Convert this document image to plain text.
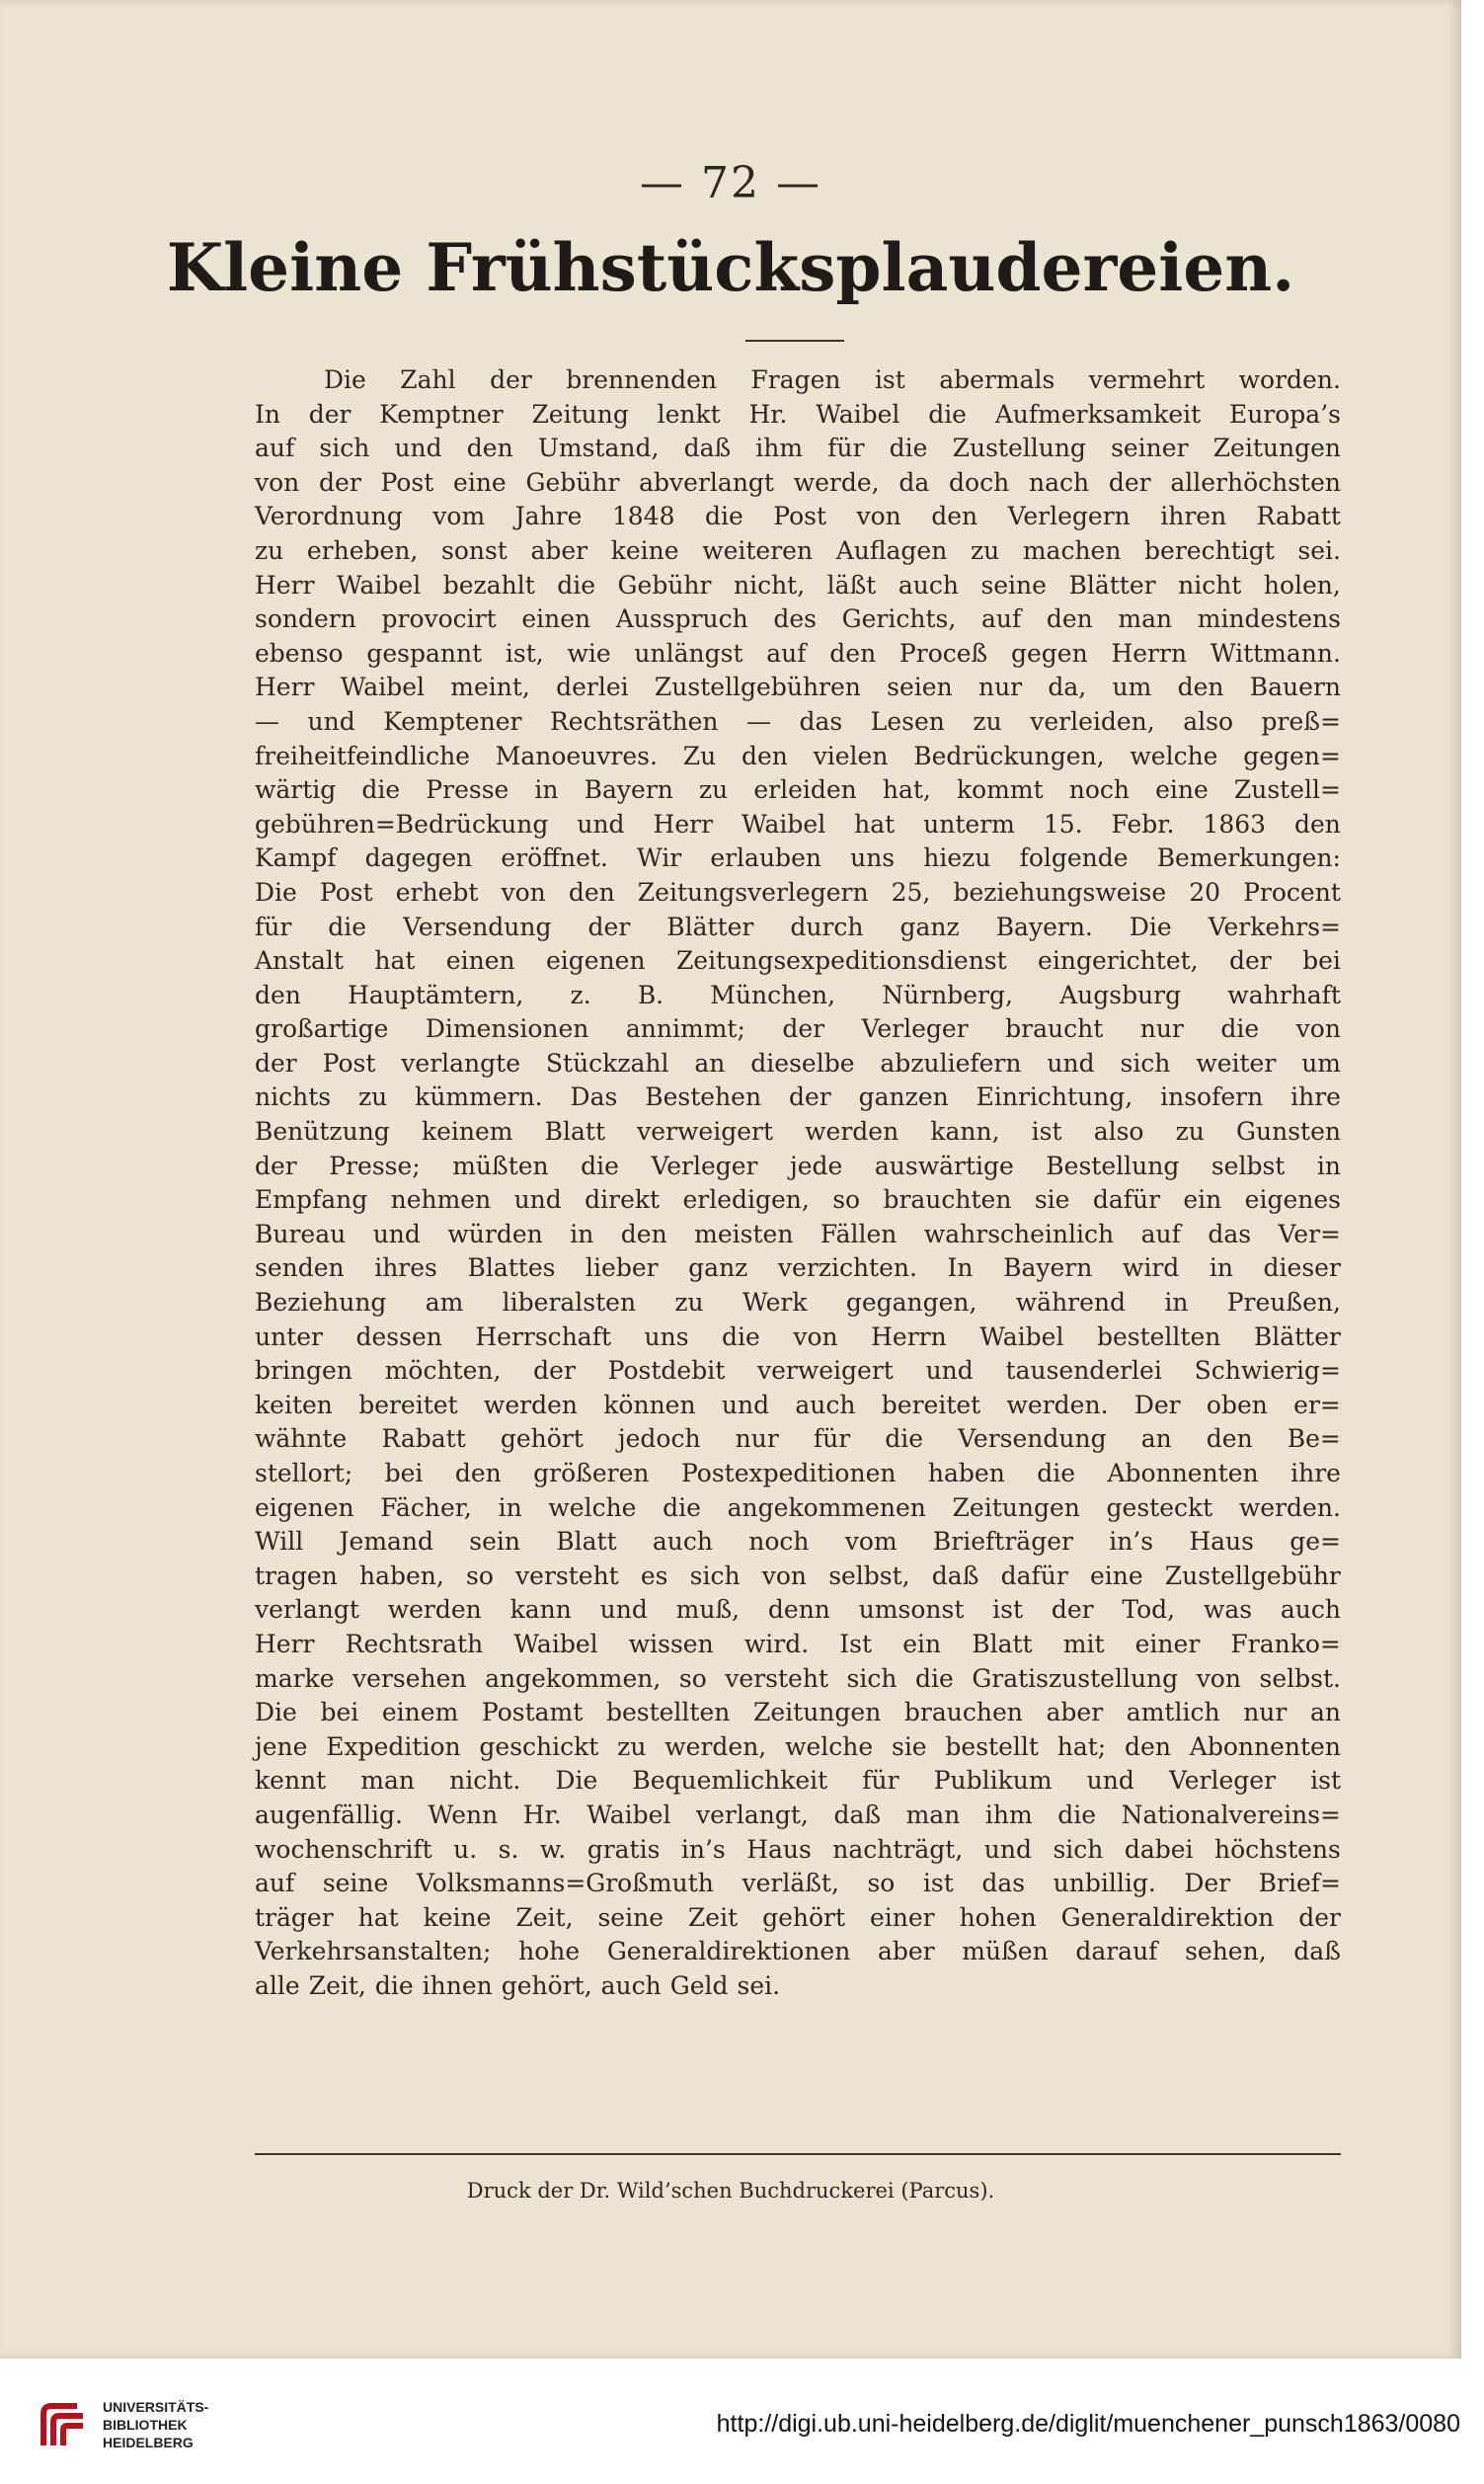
— 72 —
Kleine Frühstücksplaudereien.
Die Zahl der brennenden Fragen ist abermals vermehrt worden.
In der Kemptner Zeitung lenkt Hr. Waibel die Aufmerksamkeit Europa’s
auf sich und den Umstand, daß ihm für die Zustellung seiner Zeitungen
von der Post eine Gebühr abverlangt werde, da doch nach der allerhöchsten
Verordnung vom Jahre 1848 die Post von den Verlegern ihren Rabatt
zu erheben, sonst aber keine weiteren Auflagen zu machen berechtigt sei.
Herr Waibel bezahlt die Gebühr nicht, läßt auch seine Blätter nicht holen,
sondern provocirt einen Ausspruch des Gerichts, auf den man mindestens
ebenso gespannt ist, wie unlängst auf den Proceß gegen Herrn Wittmann.
Herr Waibel meint, derlei Zustellgebühren seien nur da, um den Bauern
— und Kemptener Rechtsräthen — das Lesen zu verleiden, also preß=
freiheitfeindliche Manoeuvres. Zu den vielen Bedrückungen, welche gegen=
wärtig die Presse in Bayern zu erleiden hat, kommt noch eine Zustell=
gebühren=Bedrückung und Herr Waibel hat unterm 15. Febr. 1863 den
Kampf dagegen eröffnet. Wir erlauben uns hiezu folgende Bemerkungen:
Die Post erhebt von den Zeitungsverlegern 25, beziehungsweise 20 Procent
für die Versendung der Blätter durch ganz Bayern. Die Verkehrs=
Anstalt hat einen eigenen Zeitungsexpeditionsdienst eingerichtet, der bei
den Hauptämtern, z. B. München, Nürnberg, Augsburg wahrhaft
großartige Dimensionen annimmt; der Verleger braucht nur die von
der Post verlangte Stückzahl an dieselbe abzuliefern und sich weiter um
nichts zu kümmern. Das Bestehen der ganzen Einrichtung, insofern ihre
Benützung keinem Blatt verweigert werden kann, ist also zu Gunsten
der Presse; müßten die Verleger jede auswärtige Bestellung selbst in
Empfang nehmen und direkt erledigen, so brauchten sie dafür ein eigenes
Bureau und würden in den meisten Fällen wahrscheinlich auf das Ver=
senden ihres Blattes lieber ganz verzichten. In Bayern wird in dieser
Beziehung am liberalsten zu Werk gegangen, während in Preußen,
unter dessen Herrschaft uns die von Herrn Waibel bestellten Blätter
bringen möchten, der Postdebit verweigert und tausenderlei Schwierig=
keiten bereitet werden können und auch bereitet werden. Der oben er=
wähnte Rabatt gehört jedoch nur für die Versendung an den Be=
stellort; bei den größeren Postexpeditionen haben die Abonnenten ihre
eigenen Fächer, in welche die angekommenen Zeitungen gesteckt werden.
Will Jemand sein Blatt auch noch vom Briefträger in’s Haus ge=
tragen haben, so versteht es sich von selbst, daß dafür eine Zustellgebühr
verlangt werden kann und muß, denn umsonst ist der Tod, was auch
Herr Rechtsrath Waibel wissen wird. Ist ein Blatt mit einer Franko=
marke versehen angekommen, so versteht sich die Gratiszustellung von selbst.
Die bei einem Postamt bestellten Zeitungen brauchen aber amtlich nur an
jene Expedition geschickt zu werden, welche sie bestellt hat; den Abonnenten
kennt man nicht. Die Bequemlichkeit für Publikum und Verleger ist
augenfällig. Wenn Hr. Waibel verlangt, daß man ihm die Nationalvereins=
wochenschrift u. s. w. gratis in’s Haus nachträgt, und sich dabei höchstens
auf seine Volksmanns=Großmuth verläßt, so ist das unbillig. Der Brief=
träger hat keine Zeit, seine Zeit gehört einer hohen Generaldirektion der
Verkehrsanstalten; hohe Generaldirektionen aber müßen darauf sehen, daß
alle Zeit, die ihnen gehört, auch Geld sei.
Druck der Dr. Wild’schen Buchdruckerei (Parcus).
UNIVERSITÄTS-
BIBLIOTHEK
HEIDELBERG
http://digi.ub.uni-heidelberg.de/diglit/muenchener_punsch1863/0080
